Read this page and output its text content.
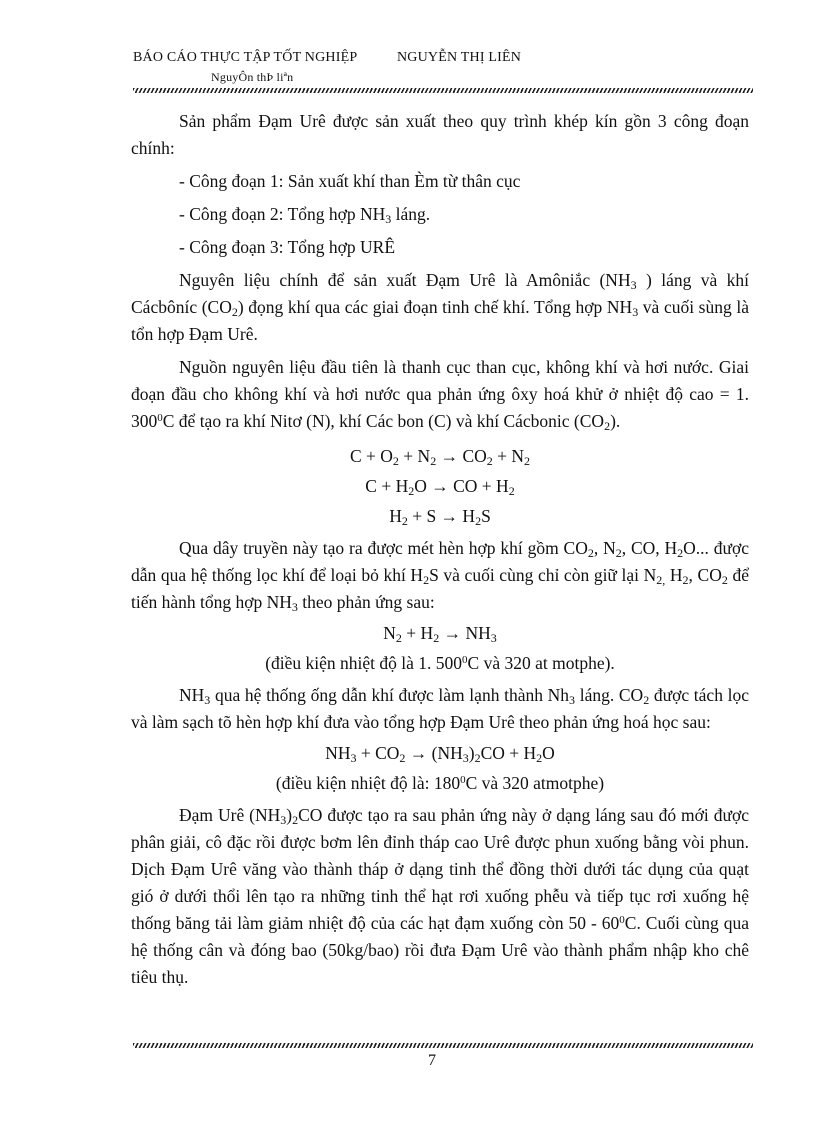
BÁO CÁO THỰC TẬP TỐT NGHIỆP	NGUYỄN THỊ LIÊN
NguyÔn thÞ liªn

Sản phẩm Đạm Urê được sản xuất theo quy trình khép kín gồn 3 công đoạn chính:

- Công đoạn 1: Sản xuất khí than Èm từ thân cục

- Công đoạn 2: Tổng hợp $NH_3$ láng.

- Công đoạn 3: Tổng hợp URÊ

Nguyên liệu chính để sản xuất Đạm Urê là Amôniắc ($NH_3$ ) láng và khí Cácbôníc $(CO_2)$ đọng khí qua các giai đoạn tinh chế khí. Tổng hợp $NH_3$ và cuối sùng là tổn hợp Đạm Urê.

Nguồn nguyên liệu đầu tiên là thanh cục than cục, không khí và hơi nước. Giai đoạn đầu cho không khí và hơi nước qua phản ứng ôxy hoá khử ở nhiệt độ cao = 1. $300^0C$ để tạo ra khí Nitơ (N), khí Các bon (C) và khí Cácbonic $(CO_2)$.

$C + O_2 + N_2 \to CO_2 + N_2$

$C + H_2O$ → CO + $H_2$

$H_2 + S \to H_2S$

Qua dây truyền này tạo ra được mét hèn hợp khí gồm $CO_2$, $N_2$, CO, $H_2O$... được dẫn qua hệ thống lọc khí để loại bỏ khí $H_2S$ và cuối cùng chỉ còn giữ lại $N_{2,}$ $H_2$, $CO_2$ để tiến hành tổng hợp $NH_3$ theo phản ứng sau:

$N_2 + H_2 \to NH_3$

(điều kiện nhiệt độ là 1. $500^0C$ và 320 at motphe).

$NH_3$ qua hệ thống ống dẫn khí được làm lạnh thành $Nh_3$ láng. $CO_2$ được tách lọc và làm sạch tõ hèn hợp khí đưa vào tổng hợp Đạm Urê theo phản ứng hoá học sau:

$NH_3 + CO_2 \to (NH_3)_2CO + H_2O$

(điều kiện nhiệt độ là: $180^0C$ và 320 atmotphe)

Đạm Urê $(NH_3)_2CO$ được tạo ra sau phản ứng này ở dạng láng sau đó mới được phân giải, cô đặc rồi được bơm lên đỉnh tháp cao Urê được phun xuống bằng vòi phun. Dịch Đạm Urê văng vào thành tháp ở dạng tinh thể đồng thời dưới tác dụng của quạt gió ở dưới thổi lên tạo ra những tinh thể hạt rơi xuống phễu và tiếp tục rơi xuống hệ thống băng tải làm giảm nhiệt độ của các hạt đạm xuống còn $50 - 60^0C$. Cuối cùng qua hệ thống cân và đóng bao (50kg/bao) rồi đưa Đạm Urê vào thành phẩm nhập kho chê tiêu thụ.

7
